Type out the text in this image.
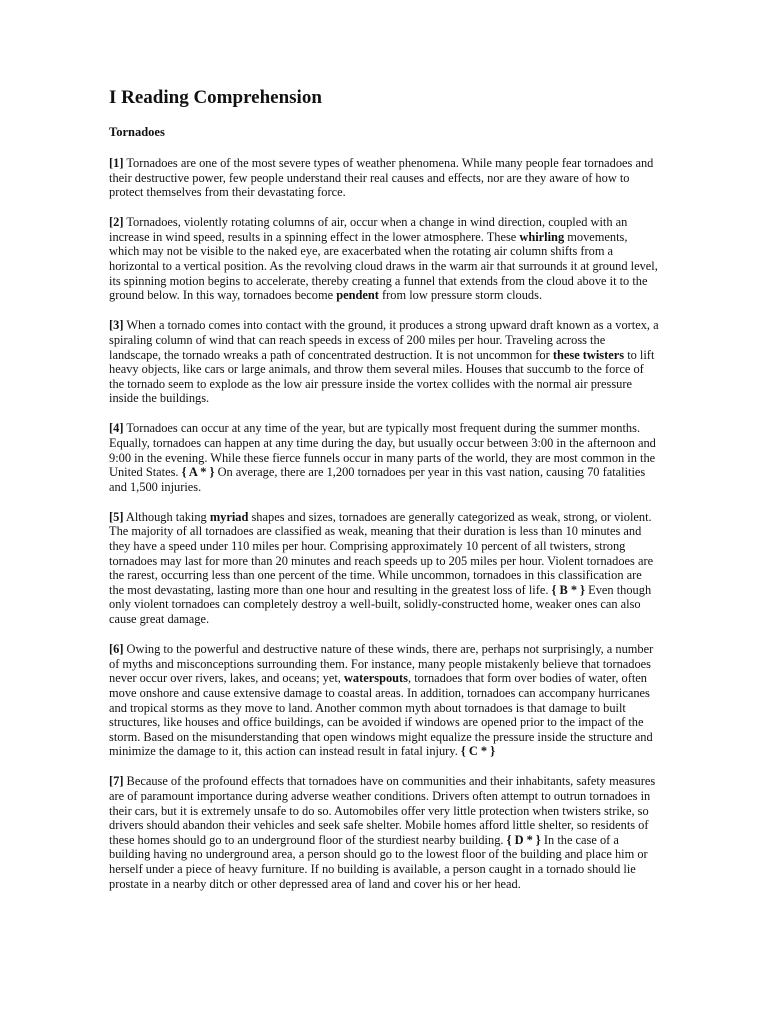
I Reading Comprehension
Tornadoes

[1] Tornadoes are one of the most severe types of weather phenomena. While many people fear tornadoes and their destructive power, few people understand their real causes and effects, nor are they aware of how to protect themselves from their devastating force.

[2] Tornadoes, violently rotating columns of air, occur when a change in wind direction, coupled with an increase in wind speed, results in a spinning effect in the lower atmosphere. These whirling movements, which may not be visible to the naked eye, are exacerbated when the rotating air column shifts from a horizontal to a vertical position. As the revolving cloud draws in the warm air that surrounds it at ground level, its spinning motion begins to accelerate, thereby creating a funnel that extends from the cloud above it to the ground below. In this way, tornadoes become pendent from low pressure storm clouds.

[3] When a tornado comes into contact with the ground, it produces a strong upward draft known as a vortex, a spiraling column of wind that can reach speeds in excess of 200 miles per hour. Traveling across the landscape, the tornado wreaks a path of concentrated destruction. It is not uncommon for these twisters to lift heavy objects, like cars or large animals, and throw them several miles. Houses that succumb to the force of the tornado seem to explode as the low air pressure inside the vortex collides with the normal air pressure inside the buildings.

[4] Tornadoes can occur at any time of the year, but are typically most frequent during the summer months. Equally, tornadoes can happen at any time during the day, but usually occur between 3:00 in the afternoon and 9:00 in the evening. While these fierce funnels occur in many parts of the world, they are most common in the United States. { A * } On average, there are 1,200 tornadoes per year in this vast nation, causing 70 fatalities and 1,500 injuries.

[5] Although taking myriad shapes and sizes, tornadoes are generally categorized as weak, strong, or violent. The majority of all tornadoes are classified as weak, meaning that their duration is less than 10 minutes and they have a speed under 110 miles per hour. Comprising approximately 10 percent of all twisters, strong tornadoes may last for more than 20 minutes and reach speeds up to 205 miles per hour. Violent tornadoes are the rarest, occurring less than one percent of the time. While uncommon, tornadoes in this classification are the most devastating, lasting more than one hour and resulting in the greatest loss of life. { B * } Even though only violent tornadoes can completely destroy a well-built, solidly-constructed home, weaker ones can also cause great damage.

[6] Owing to the powerful and destructive nature of these winds, there are, perhaps not surprisingly, a number of myths and misconceptions surrounding them. For instance, many people mistakenly believe that tornadoes never occur over rivers, lakes, and oceans; yet, waterspouts, tornadoes that form over bodies of water, often move onshore and cause extensive damage to coastal areas. In addition, tornadoes can accompany hurricanes and tropical storms as they move to land. Another common myth about tornadoes is that damage to built structures, like houses and office buildings, can be avoided if windows are opened prior to the impact of the storm. Based on the misunderstanding that open windows might equalize the pressure inside the structure and minimize the damage to it, this action can instead result in fatal injury. { C * }

[7] Because of the profound effects that tornadoes have on communities and their inhabitants, safety measures are of paramount importance during adverse weather conditions. Drivers often attempt to outrun tornadoes in their cars, but it is extremely unsafe to do so. Automobiles offer very little protection when twisters strike, so drivers should abandon their vehicles and seek safe shelter. Mobile homes afford little shelter, so residents of these homes should go to an underground floor of the sturdiest nearby building. { D * } In the case of a building having no underground area, a person should go to the lowest floor of the building and place him or herself under a piece of heavy furniture. If no building is available, a person caught in a tornado should lie prostate in a nearby ditch or other depressed area of land and cover his or her head.
